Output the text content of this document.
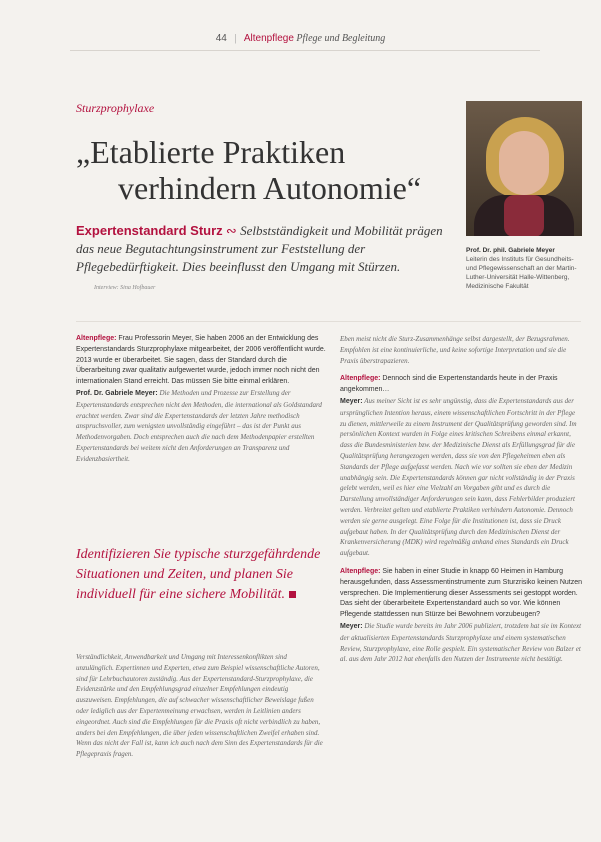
44 | Altenpflege Pflege und Begleitung
Sturzprophylaxe
„Etablierte Praktiken
verhindern Autonomie“
Prof. Dr. phil. Gabriele Meyer
Leiterin des Instituts für Gesundheits- und Pflegewissenschaft an der Martin-Luther-Universität Halle-Wittenberg, Medizinische Fakultät
Expertenstandard Sturz ∾ Selbstständigkeit und Mobilität prägen das neue Begutachtungsinstrument zur Feststellung der Pflegebedürftigkeit. Dies beeinflusst den Umgang mit Stürzen. Interview: Sina Hofbauer

Altenpflege: Frau Professorin Meyer, Sie haben 2006 an der Entwicklung des Expertenstandards Sturzprophylaxe mitgearbeitet, der 2006 veröffentlicht wurde. 2013 wurde er überarbeitet. Sie sagen, dass der Standard durch die Überarbeitung zwar qualitativ aufgewertet wurde, jedoch immer noch nicht den internationalen Stand erreicht. Das müssen Sie bitte einmal erklären.

Prof. Dr. Gabriele Meyer: Die Methoden und Prozesse zur Erstellung der Expertenstandards entsprechen nicht den Methoden, die international als Goldstandard erachtet werden. Zwar sind die Expertenstandards der letzten Jahre methodisch anspruchsvoller, zum wenigsten unvollständig eingeführt – das ist der Punkt aus Methodenvorgaben. Doch entsprechen auch die nach dem Methodenpapier erstellten Expertenstandards bei weitem nicht den Anforderungen an Transparenz und Evidenzbasiertheit.

Identifizieren Sie typische sturzgefährdende Situationen und Zeiten, und planen Sie individuell für eine sichere Mobilität.

Verständlichkeit, Anwendbarkeit und Umgang mit Interessenkonflikten sind unzulänglich. Expertinnen und Experten, etwa zum Beispiel wissenschaftliche Autoren, sind für Lehrbuchautoren zuständig. Aus der Expertenstandard-Sturzprophylaxe, die Evidenzstärke und den Empfehlungsgrad einzelner Empfehlungen eindeutig auszuweisen. Empfehlungen, die auf schwacher wissenschaftlicher Beweislage fußen oder lediglich aus der Expertenmeinung erwachsen, werden in Leitlinien anders eingeordnet. Auch sind die Empfehlungen für die Praxis oft nicht verbindlich zu haben, anders bei den Empfehlungen, die über jeden wissenschaftlichen Zweifel erhaben sind. Wenn das nicht der Fall ist, kann ich auch nach dem Sinn des Expertenstandards für die Pflegepraxis fragen.

Eben meist nicht die Sturz-Zusammenhänge selbst dargestellt, der Bezugsrahmen. Empfohlen ist eine kontinuierliche, und keine sofortige Interpretation und sie die Praxis überstrapazieren.

Altenpflege: Dennoch sind die Expertenstandards heute in der Praxis angekommen…

Meyer: Aus meiner Sicht ist es sehr ungünstig, dass die Expertenstandards aus der ursprünglichen Intention heraus, einem wissenschaftlichen Fortschritt in der Pflege zu dienen, mittlerweile zu einem Instrument der Qualitätsprüfung geworden sind. Im persönlichen Kontext wurden in Folge eines kritischen Schreibens einmal erkannt, dass die Bundesministerien bzw. der Medizinische Dienst als Erfüllungsgrad für die Qualitätsprüfung herangezogen werden, dass sie von den Pflegeheimen eben als Standards der Pflege aufgefasst werden. Nach wie vor sollten sie eben der Medizin unabhängig sein. Die Expertenstandards können gar nicht vollständig in der Praxis gelebt werden, weil es hier eine Vielzahl an Vorgaben gibt und es durch die Darstellung unvollständiger Anforderungen sein kann, dass Fehlerbilder produziert werden. Verbreitet gelten und etablierte Praktiken verhindern Autonomie. Dennoch werden sie gerne ausgelegt. Eine Folge für die Institutionen ist, dass sie Druck aufgebaut haben. In der Qualitätsprüfung durch den Medizinischen Dienst der Krankenversicherung (MDK) wird regelmäßig anhand eines Standards ein Druck aufgebaut.

Altenpflege: Sie haben in einer Studie in knapp 60 Heimen in Hamburg herausgefunden, dass Assessmentinstrumente zum Sturzrisiko keinen Nutzen versprechen. Die Implementierung dieser Assessments sei gestoppt worden. Das sieht der überarbeitete Expertenstandard auch so vor. Wie können Pflegende stattdessen nun Stürze bei Bewohnern vorzubeugen?

Meyer: Die Studie wurde bereits im Jahr 2006 publiziert, trotzdem hat sie im Kontext der aktualisierten Expertenstandards Sturzprophylaxe und einem systematischen Review, Sturzprophylaxe, eine Rolle gespielt. Ein systematischer Review von Balzer et al. aus dem Jahr 2012 hat ebenfalls den Nutzen der Instrumente nicht bestätigt.
